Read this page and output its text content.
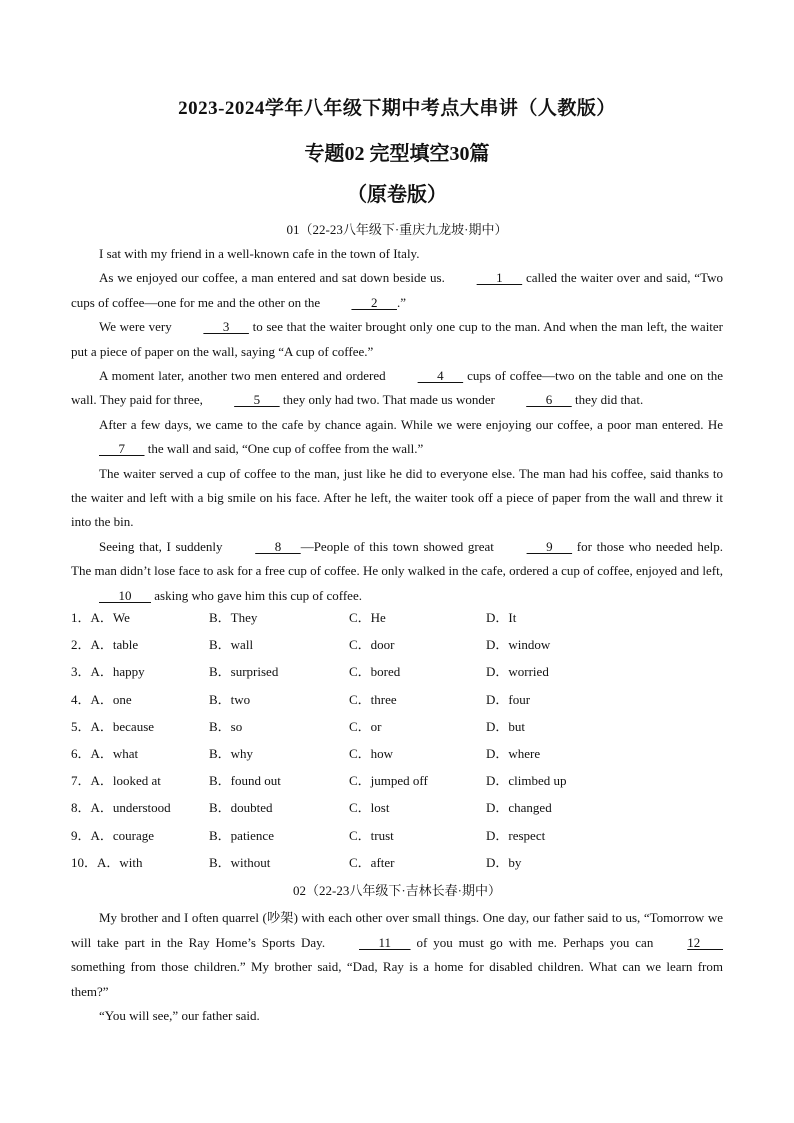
2023-2024学年八年级下期中考点大串讲（人教版）
专题02 完型填空30篇
（原卷版）
01（22-23八年级下·重庆九龙坡·期中）

I sat with my friend in a well-known cafe in the town of Italy.

As we enjoyed our coffee, a man entered and sat down beside us.       1       called the waiter over and said, “Two cups of coffee—one for me and the other on the       2      .”

We were very       3       to see that the waiter brought only one cup to the man. And when the man left, the waiter put a piece of paper on the wall, saying “A cup of coffee.”

A moment later, another two men entered and ordered       4       cups of coffee—two on the table and one on the wall. They paid for three,       5       they only had two. That made us wonder       6       they did that.

After a few days, we came to the cafe by chance again. While we were enjoying our coffee, a poor man entered. He       7       the wall and said, “One cup of coffee from the wall.”

The waiter served a cup of coffee to the man, just like he did to everyone else. The man had his coffee, said thanks to the waiter and left with a big smile on his face. After he left, the waiter took off a piece of paper from the wall and threw it into the bin.

Seeing that, I suddenly	8      —People of this town showed great	9       for those who needed help. The man didn’t lose face to ask for a free cup of coffee. He only walked in the cafe, ordered a cup of coffee, enjoyed and left,       10       asking who gave him this cup of coffee.

1．A．We	B．They	C．He	D．It
2．A．table	B．wall	C．door	D．window
3．A．happy	B．surprised	C．bored	D．worried
4．A．one	B．two	C．three	D．four
5．A．because	B．so	C．or	D．but
6．A．what	B．why	C．how	D．where
7．A．looked at	B．found out	C．jumped off	D．climbed up
8．A．understood	B．doubted	C．lost	D．changed
9．A．courage	B．patience	C．trust	D．respect
10．A．with	B．without	C．after	D．by
02（22-23八年级下·吉林长春·期中）

My brother and I often quarrel (吵架) with each other over small things. One day, our father said to us, “Tomorrow we will take part in the Ray Home’s Sports Day.	11       of you must go with me. Perhaps you can	12        something from those children.” My brother said, “Dad, Ray is a home for disabled children. What can we learn from them?”

“You will see,” our father said.
